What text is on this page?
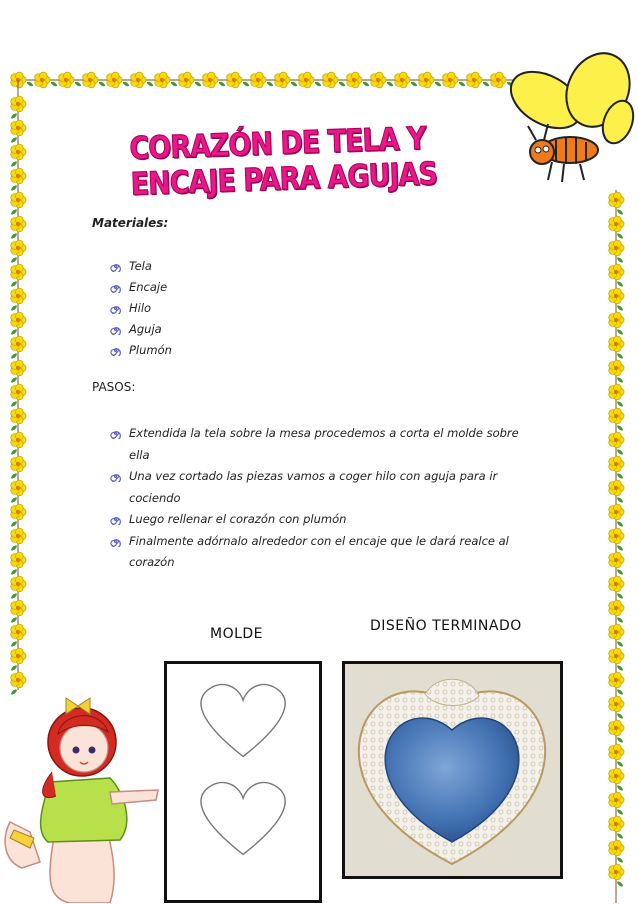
CORAZÓN DE TELA Y ENCAJE PARA AGUJAS
Materiales:
Tela
Encaje
Hilo
Aguja
Plumón
PASOS:
Extendida la tela sobre la mesa procedemos a corta el molde sobre ella
Una vez cortado las piezas vamos a coger hilo con aguja para ir cociendo
Luego rellenar el corazón con plumón
Finalmente adórnalo alrededor con el encaje que le dará realce al corazón
MOLDE	DISEÑO TERMINADO
